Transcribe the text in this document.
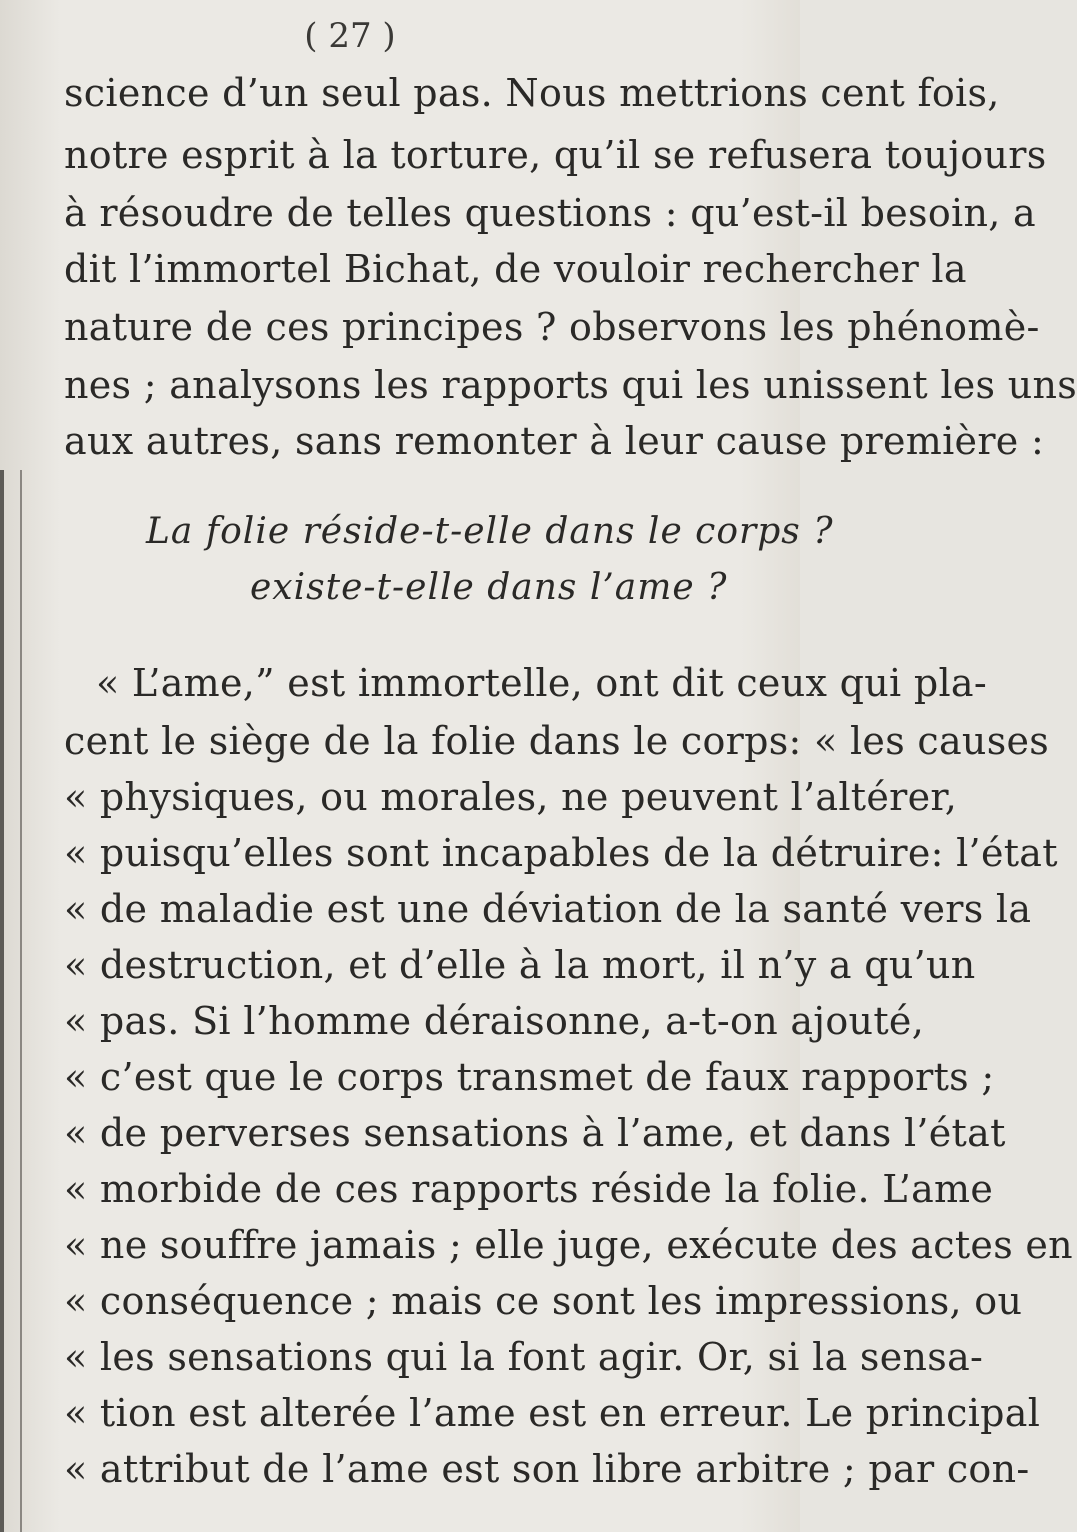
( 27 )
science d’un seul pas. Nous mettrions cent fois,
notre esprit à la torture, qu’il se refusera toujours
à résoudre de telles questions : qu’est-il besoin, a
dit l’immortel Bichat, de vouloir rechercher la
nature de ces principes ? observons les phénomè-
nes ; analysons les rapports qui les unissent les uns
aux autres, sans remonter à leur cause première :
La folie réside-t-elle dans le corps ?
existe-t-elle dans l’ame ?
« L’ame,” est immortelle, ont dit ceux qui pla-
cent le siège de la folie dans le corps: « les causes
« physiques, ou morales, ne peuvent l’altérer,
« puisqu’elles sont incapables de la détruire: l’état
« de maladie est une déviation de la santé vers la
« destruction, et d’elle à la mort, il n’y a qu’un
« pas. Si l’homme déraisonne, a-t-on ajouté,
« c’est que le corps transmet de faux rapports ;
« de perverses sensations à l’ame, et dans l’état
« morbide de ces rapports réside la folie. L’ame
« ne souffre jamais ; elle juge, exécute des actes en
« conséquence ; mais ce sont les impressions, ou
« les sensations qui la font agir. Or, si la sensa-
« tion est alterée l’ame est en erreur. Le principal
« attribut de l’ame est son libre arbitre ; par con-
